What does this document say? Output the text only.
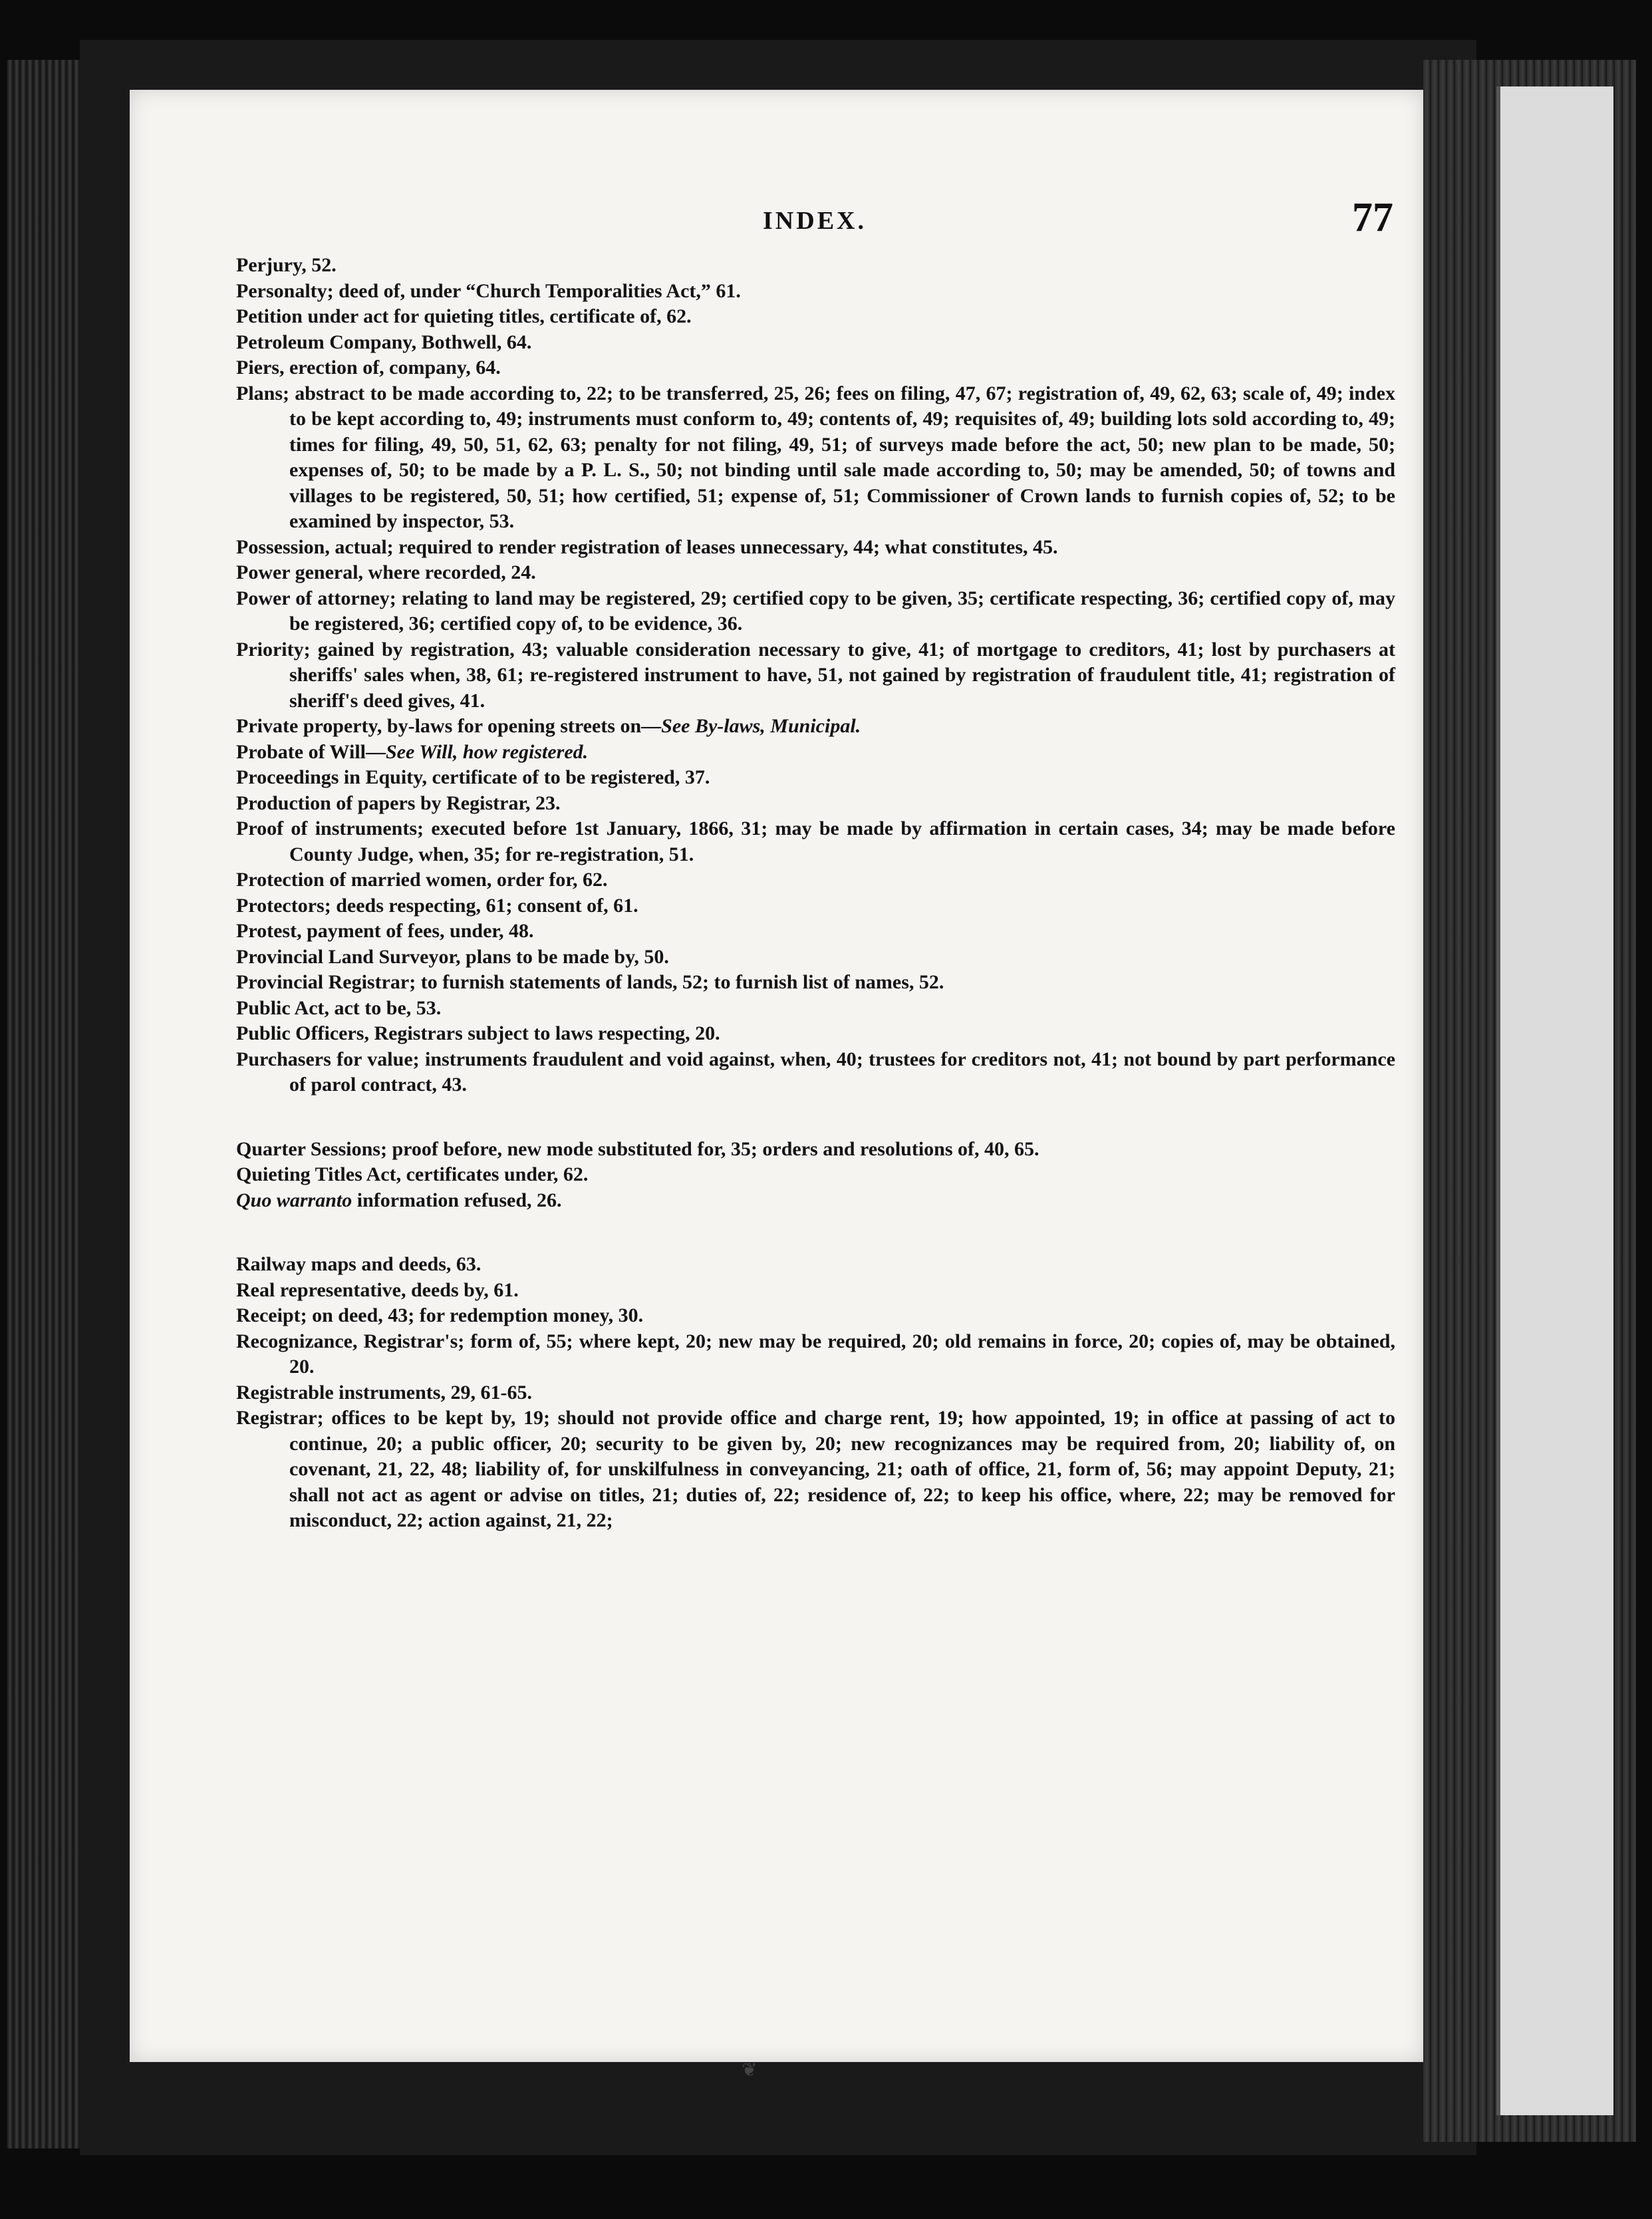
INDEX.	77
Perjury, 52.
Personalty; deed of, under “Church Temporalities Act,” 61.
Petition under act for quieting titles, certificate of, 62.
Petroleum Company, Bothwell, 64.
Piers, erection of, company, 64.
Plans; abstract to be made according to, 22; to be transferred, 25, 26; fees on filing, 47, 67; registration of, 49, 62, 63; scale of, 49; index to be kept according to, 49; instruments must conform to, 49; contents of, 49; requisites of, 49; building lots sold according to, 49; times for filing, 49, 50, 51, 62, 63; penalty for not filing, 49, 51; of surveys made before the act, 50; new plan to be made, 50; expenses of, 50; to be made by a P. L. S., 50; not binding until sale made according to, 50; may be amended, 50; of towns and villages to be registered, 50, 51; how certified, 51; expense of, 51; Commissioner of Crown lands to furnish copies of, 52; to be examined by inspector, 53.
Possession, actual; required to render registration of leases unnecessary, 44; what constitutes, 45.
Power general, where recorded, 24.
Power of attorney; relating to land may be registered, 29; certified copy to be given, 35; certificate respecting, 36; certified copy of, may be registered, 36; certified copy of, to be evidence, 36.
Priority; gained by registration, 43; valuable consideration necessary to give, 41; of mortgage to creditors, 41; lost by purchasers at sheriffs' sales when, 38, 61; re-registered instrument to have, 51, not gained by registration of fraudulent title, 41; registration of sheriff's deed gives, 41.
Private property, by-laws for opening streets on—See By-laws, Municipal.
Probate of Will—See Will, how registered.
Proceedings in Equity, certificate of to be registered, 37.
Production of papers by Registrar, 23.
Proof of instruments; executed before 1st January, 1866, 31; may be made by affirmation in certain cases, 34; may be made before County Judge, when, 35; for re-registration, 51.
Protection of married women, order for, 62.
Protectors; deeds respecting, 61; consent of, 61.
Protest, payment of fees, under, 48.
Provincial Land Surveyor, plans to be made by, 50.
Provincial Registrar; to furnish statements of lands, 52; to furnish list of names, 52.
Public Act, act to be, 53.
Public Officers, Registrars subject to laws respecting, 20.
Purchasers for value; instruments fraudulent and void against, when, 40; trustees for creditors not, 41; not bound by part performance of parol contract, 43.
Quarter Sessions; proof before, new mode substituted for, 35; orders and resolutions of, 40, 65.
Quieting Titles Act, certificates under, 62.
Quo warranto information refused, 26.
Railway maps and deeds, 63.
Real representative, deeds by, 61.
Receipt; on deed, 43; for redemption money, 30.
Recognizance, Registrar's; form of, 55; where kept, 20; new may be required, 20; old remains in force, 20; copies of, may be obtained, 20.
Registrable instruments, 29, 61-65.
Registrar; offices to be kept by, 19; should not provide office and charge rent, 19; how appointed, 19; in office at passing of act to continue, 20; a public officer, 20; security to be given by, 20; new recognizances may be required from, 20; liability of, on covenant, 21, 22, 48; liability of, for unskilfulness in conveyancing, 21; oath of office, 21, form of, 56; may appoint Deputy, 21; shall not act as agent or advise on titles, 21; duties of, 22; residence of, 22; to keep his office, where, 22; may be removed for misconduct, 22; action against, 21, 22;
❦
